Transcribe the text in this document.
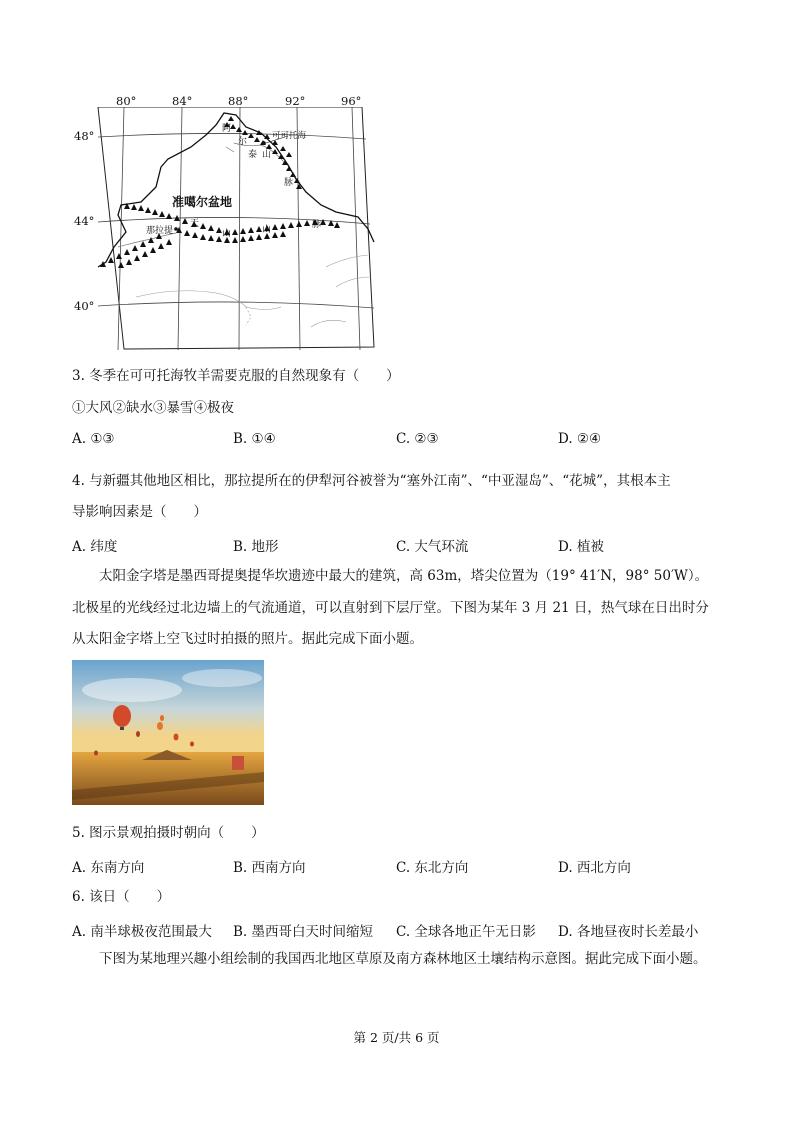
80°	84°	88°	92°	96°
48°
44°
40°
准噶尔盆地
那拉提
可可托海
阿
尔
泰 山
脉
天
山	山	脉
3. 冬季在可可托海牧羊需要克服的自然现象有（　　）
①大风②缺水③暴雪④极夜
A. ①③	B. ①④	C. ②③	D. ②④
4. 与新疆其他地区相比，那拉提所在的伊犁河谷被誉为“塞外江南”、“中亚湿岛”、“花城”，其根本主
导影响因素是（　　）
A. 纬度	B. 地形	C. 大气环流	D. 植被
　　太阳金字塔是墨西哥提奥提华坎遗迹中最大的建筑，高 63m，塔尖位置为（19° 41′N，98° 50′W）。
北极星的光线经过北边墙上的气流通道，可以直射到下层厅堂。下图为某年 3 月 21 日，热气球在日出时分
从太阳金字塔上空飞过时拍摄的照片。据此完成下面小题。
5. 图示景观拍摄时朝向（　　）
A. 东南方向	B. 西南方向	C. 东北方向	D. 西北方向
6. 该日（　　）
A. 南半球极夜范围最大 B. 墨西哥白天时间缩短 C. 全球各地正午无日影 D. 各地昼夜时长差最小
　　下图为某地理兴趣小组绘制的我国西北地区草原及南方森林地区土壤结构示意图。据此完成下面小题。
第 2 页/共 6 页
